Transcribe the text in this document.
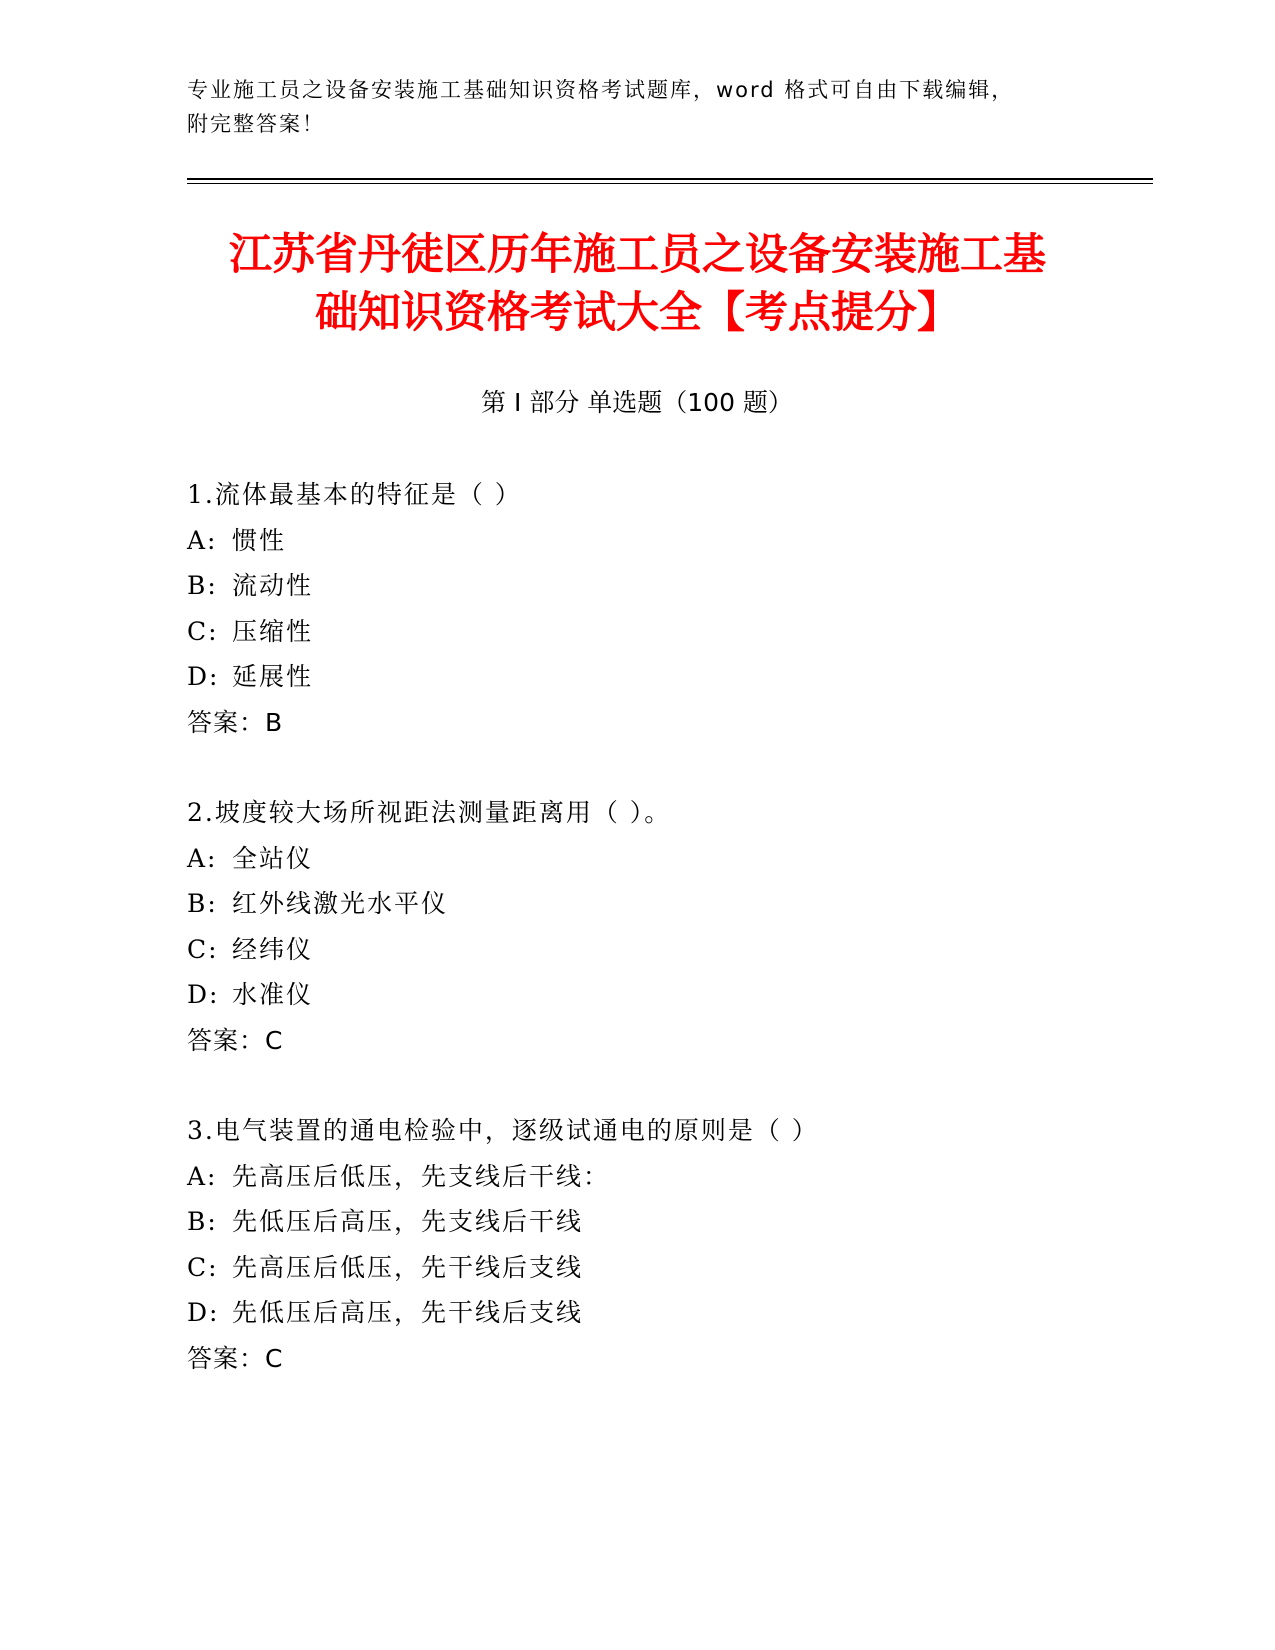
专业施工员之设备安装施工基础知识资格考试题库，word 格式可自由下载编辑，
附完整答案！
江苏省丹徒区历年施工员之设备安装施工基
础知识资格考试大全【考点提分】
第 I 部分 单选题（100 题）
1.流体最基本的特征是（ ）
A: 惯性
B: 流动性
C: 压缩性
D: 延展性
答案：B
2.坡度较大场所视距法测量距离用（ ）。
A: 全站仪
B: 红外线激光水平仪
C: 经纬仪
D: 水准仪
答案：C
3.电气装置的通电检验中，逐级试通电的原则是（ ）
A: 先高压后低压，先支线后干线：
B: 先低压后高压，先支线后干线
C: 先高压后低压，先干线后支线
D: 先低压后高压，先干线后支线
答案：C
